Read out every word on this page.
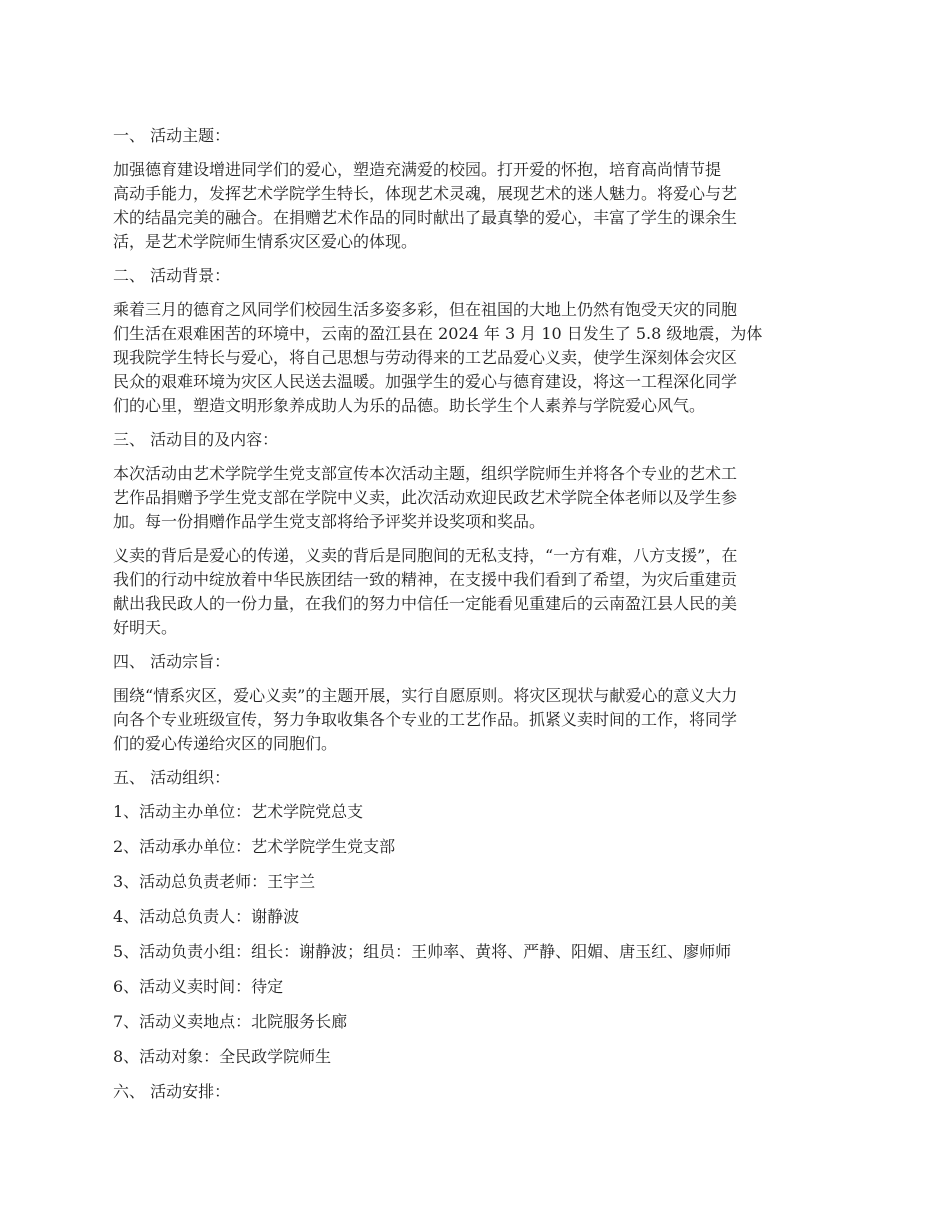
一、 活动主题：
加强德育建设增进同学们的爱心，塑造充满爱的校园。打开爱的怀抱，培育高尚情节提
高动手能力，发挥艺术学院学生特长，体现艺术灵魂，展现艺术的迷人魅力。将爱心与艺
术的结晶完美的融合。在捐赠艺术作品的同时献出了最真挚的爱心，丰富了学生的课余生
活，是艺术学院师生情系灾区爱心的体现。
二、 活动背景：
乘着三月的德育之风同学们校园生活多姿多彩，但在祖国的大地上仍然有饱受天灾的同胞
们生活在艰难困苦的环境中，云南的盈江县在 2024 年 3 月 10 日发生了 5.8 级地震，为体
现我院学生特长与爱心，将自己思想与劳动得来的工艺品爱心义卖，使学生深刻体会灾区
民众的艰难环境为灾区人民送去温暖。加强学生的爱心与德育建设，将这一工程深化同学
们的心里，塑造文明形象养成助人为乐的品德。助长学生个人素养与学院爱心风气。
三、 活动目的及内容：
本次活动由艺术学院学生党支部宣传本次活动主题，组织学院师生并将各个专业的艺术工
艺作品捐赠予学生党支部在学院中义卖，此次活动欢迎民政艺术学院全体老师以及学生参
加。每一份捐赠作品学生党支部将给予评奖并设奖项和奖品。
义卖的背后是爱心的传递，义卖的背后是同胞间的无私支持，“一方有难，八方支援”，在
我们的行动中绽放着中华民族团结一致的精神，在支援中我们看到了希望，为灾后重建贡
献出我民政人的一份力量，在我们的努力中信任一定能看见重建后的云南盈江县人民的美
好明天。
四、 活动宗旨：
围绕“情系灾区，爱心义卖”的主题开展，实行自愿原则。将灾区现状与献爱心的意义大力
向各个专业班级宣传，努力争取收集各个专业的工艺作品。抓紧义卖时间的工作，将同学
们的爱心传递给灾区的同胞们。
五、 活动组织：
1、活动主办单位：艺术学院党总支
2、活动承办单位：艺术学院学生党支部
3、活动总负责老师：王宇兰
4、活动总负责人：谢静波
5、活动负责小组：组长：谢静波；组员：王帅率、黄将、严静、阳媚、唐玉红、廖师师
6、活动义卖时间：待定
7、活动义卖地点：北院服务长廊
8、活动对象：全民政学院师生
六、 活动安排：
